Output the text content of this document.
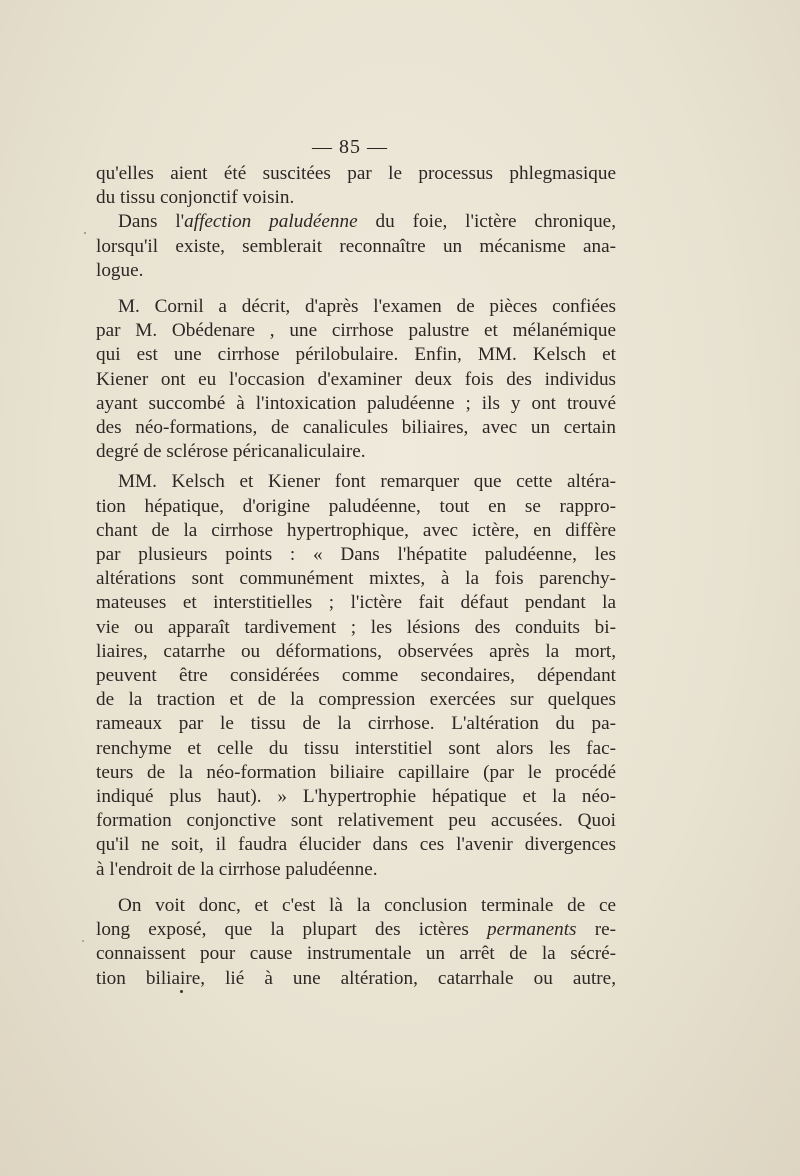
— 85 —
qu'elles aient été suscitées par le processus phlegmasique
du tissu conjonctif voisin.
Dans l'affection paludéenne du foie, l'ictère chronique,
lorsqu'il existe, semblerait reconnaître un mécanisme ana-
logue.
M. Cornil a décrit, d'après l'examen de pièces confiées
par M. Obédenare , une cirrhose palustre et mélanémique
qui est une cirrhose périlobulaire. Enfin, MM. Kelsch et
Kiener ont eu l'occasion d'examiner deux fois des individus
ayant succombé à l'intoxication paludéenne ; ils y ont trouvé
des néo-formations, de canalicules biliaires, avec un certain
degré de sclérose péricanaliculaire.
MM. Kelsch et Kiener font remarquer que cette altéra-
tion hépatique, d'origine paludéenne, tout en se rappro-
chant de la cirrhose hypertrophique, avec ictère, en diffère
par plusieurs points : « Dans l'hépatite paludéenne, les
altérations sont communément mixtes, à la fois parenchy-
mateuses et interstitielles ; l'ictère fait défaut pendant la
vie ou apparaît tardivement ; les lésions des conduits bi-
liaires, catarrhe ou déformations, observées après la mort,
peuvent être considérées comme secondaires, dépendant
de la traction et de la compression exercées sur quelques
rameaux par le tissu de la cirrhose. L'altération du pa-
renchyme et celle du tissu interstitiel sont alors les fac-
teurs de la néo-formation biliaire capillaire (par le procédé
indiqué plus haut). » L'hypertrophie hépatique et la néo-
formation conjonctive sont relativement peu accusées. Quoi
qu'il ne soit, il faudra élucider dans ces l'avenir divergences
à l'endroit de la cirrhose paludéenne.
On voit donc, et c'est là la conclusion terminale de ce
long exposé, que la plupart des ictères permanents re-
connaissent pour cause instrumentale un arrêt de la sécré-
tion biliaire, lié à une altération, catarrhale ou autre,
